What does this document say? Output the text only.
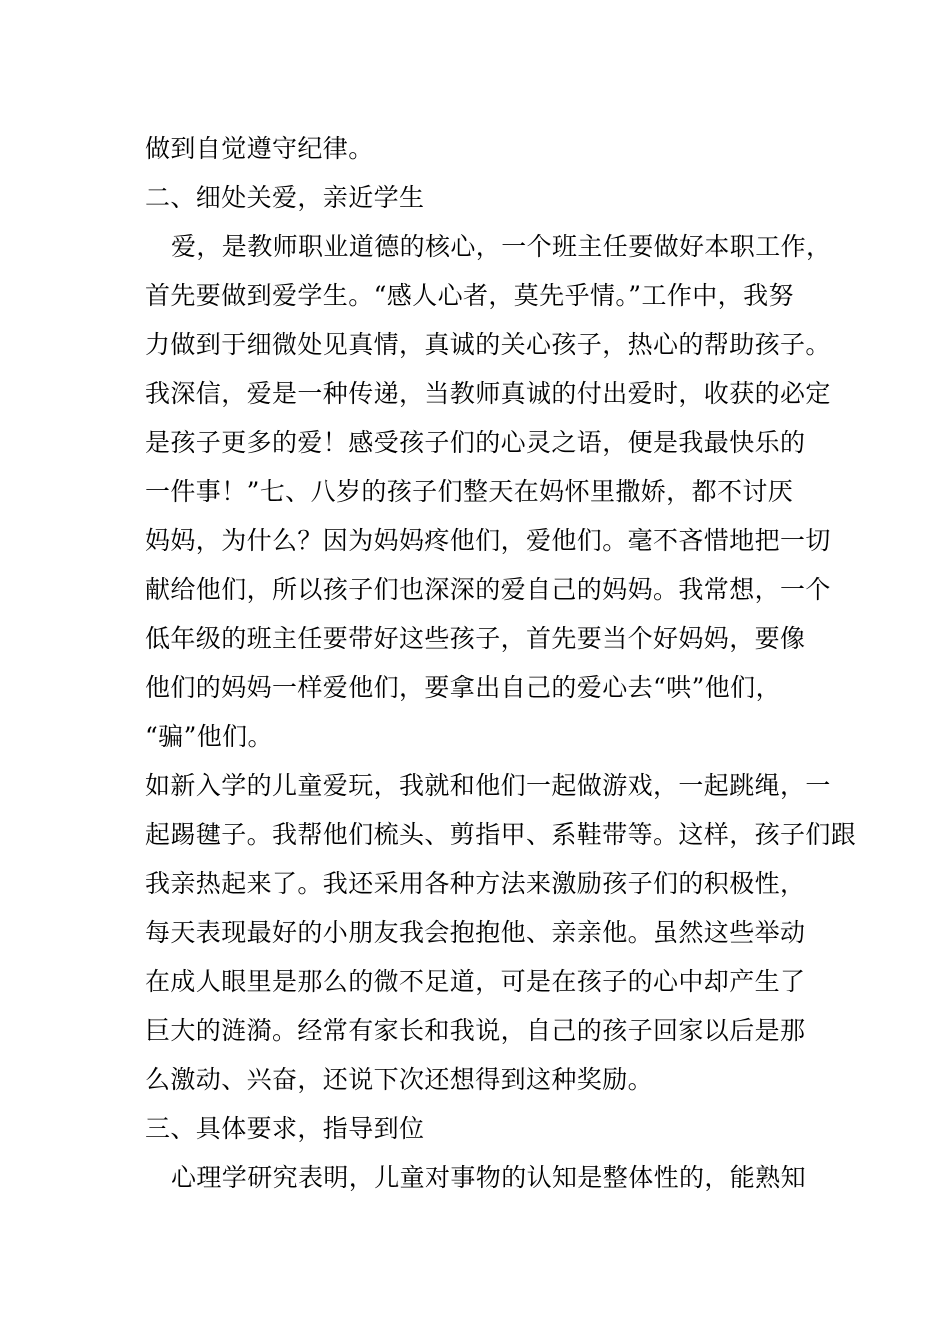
做到自觉遵守纪律。
二、细处关爱，亲近学生
爱，是教师职业道德的核心，一个班主任要做好本职工作，
首先要做到爱学生。“感人心者，莫先乎情。”工作中，我努
力做到于细微处见真情，真诚的关心孩子，热心的帮助孩子。
我深信，爱是一种传递，当教师真诚的付出爱时，收获的必定
是孩子更多的爱！感受孩子们的心灵之语，便是我最快乐的
一件事！”七、八岁的孩子们整天在妈怀里撒娇，都不讨厌
妈妈，为什么？因为妈妈疼他们，爱他们。毫不吝惜地把一切
献给他们，所以孩子们也深深的爱自己的妈妈。我常想，一个
低年级的班主任要带好这些孩子，首先要当个好妈妈，要像
他们的妈妈一样爱他们，要拿出自己的爱心去“哄”他们，
“骗”他们。
如新入学的儿童爱玩，我就和他们一起做游戏，一起跳绳，一
起踢毽子。我帮他们梳头、剪指甲、系鞋带等。这样，孩子们跟
我亲热起来了。我还采用各种方法来激励孩子们的积极性，
每天表现最好的小朋友我会抱抱他、亲亲他。虽然这些举动
在成人眼里是那么的微不足道，可是在孩子的心中却产生了
巨大的涟漪。经常有家长和我说，自己的孩子回家以后是那
么激动、兴奋，还说下次还想得到这种奖励。
三、具体要求，指导到位
心理学研究表明，儿童对事物的认知是整体性的，能熟知
